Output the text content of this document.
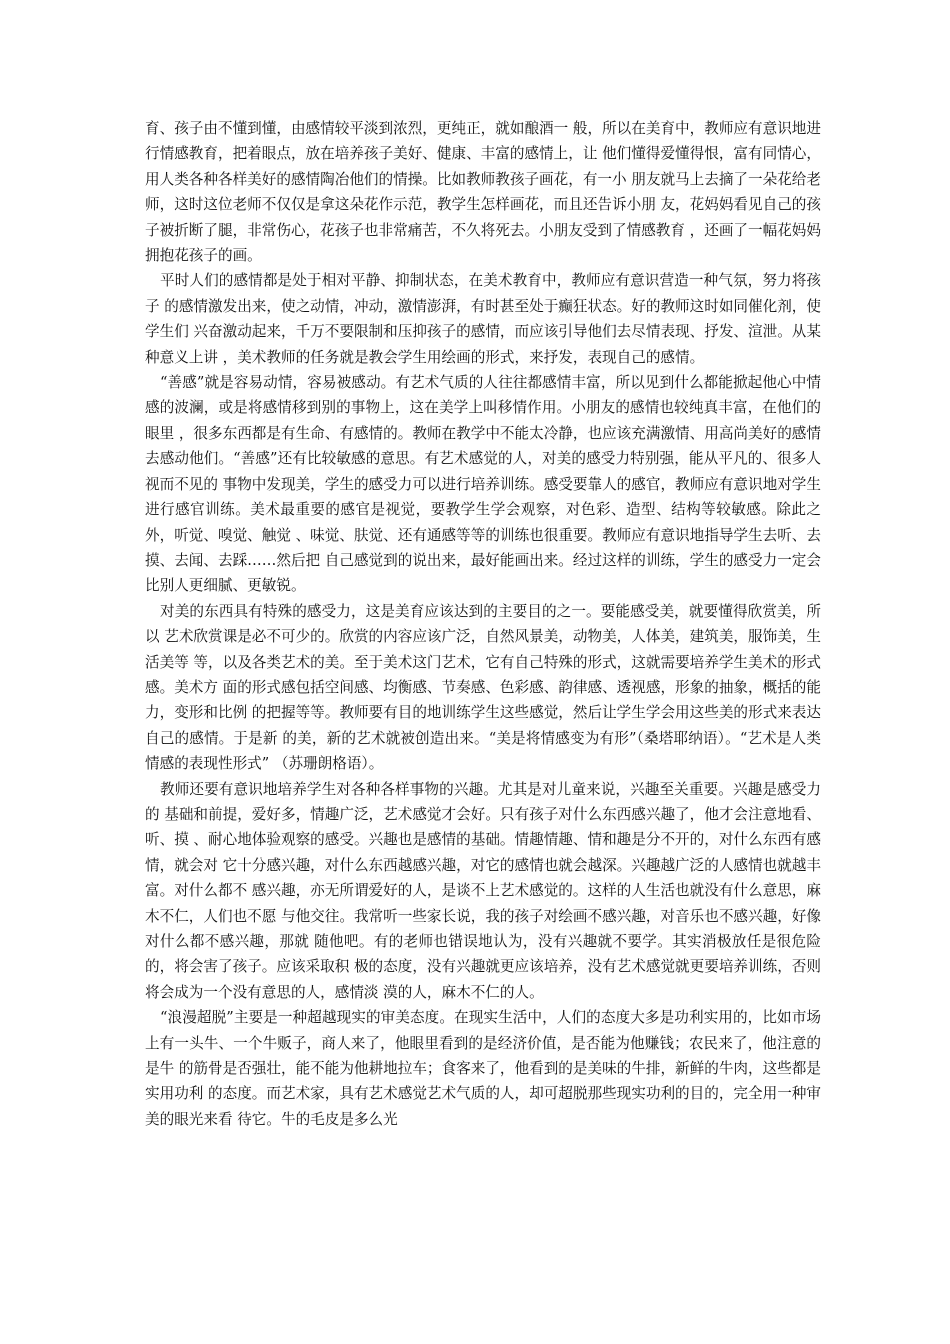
育、孩子由不懂到懂，由感情较平淡到浓烈，更纯正，就如酿酒一 般，所以在美育中，教师应有意识地进行情感教育，把着眼点，放在培养孩子美好、健康、丰富的感情上，让 他们懂得爱懂得恨，富有同情心，用人类各种各样美好的感情陶冶他们的情操。比如教师教孩子画花，有一小 朋友就马上去摘了一朵花给老师，这时这位老师不仅仅是拿这朵花作示范，教学生怎样画花，而且还告诉小朋 友，花妈妈看见自己的孩子被折断了腿，非常伤心，花孩子也非常痛苦，不久将死去。小朋友受到了情感教育 ，还画了一幅花妈妈拥抱花孩子的画。

平时人们的感情都是处于相对平静、抑制状态，在美术教育中，教师应有意识营造一种气氛，努力将孩子 的感情激发出来，使之动情，冲动，激情澎湃，有时甚至处于癫狂状态。好的教师这时如同催化剂，使学生们 兴奋激动起来，千万不要限制和压抑孩子的感情，而应该引导他们去尽情表现、抒发、渲泄。从某种意义上讲 ，美术教师的任务就是教会学生用绘画的形式，来抒发，表现自己的感情。

“善感”就是容易动情，容易被感动。有艺术气质的人往往都感情丰富，所以见到什么都能掀起他心中情 感的波澜，或是将感情移到别的事物上，这在美学上叫移情作用。小朋友的感情也较纯真丰富，在他们的眼里 ，很多东西都是有生命、有感情的。教师在教学中不能太冷静，也应该充满激情、用高尚美好的感情去感动他们。“善感”还有比较敏感的意思。有艺术感觉的人，对美的感受力特别强，能从平凡的、很多人视而不见的 事物中发现美，学生的感受力可以进行培养训练。感受要靠人的感官，教师应有意识地对学生进行感官训练。美术最重要的感官是视觉，要教学生学会观察，对色彩、造型、结构等较敏感。除此之外，听觉、嗅觉、触觉 、味觉、肤觉、还有通感等等的训练也很重要。教师应有意识地指导学生去听、去摸、去闻、去踩……然后把 自己感觉到的说出来，最好能画出来。经过这样的训练，学生的感受力一定会比别人更细腻、更敏锐。

对美的东西具有特殊的感受力，这是美育应该达到的主要目的之一。要能感受美，就要懂得欣赏美，所以 艺术欣赏课是必不可少的。欣赏的内容应该广泛，自然风景美，动物美，人体美，建筑美，服饰美，生活美等 等，以及各类艺术的美。至于美术这门艺术，它有自己特殊的形式，这就需要培养学生美术的形式感。美术方 面的形式感包括空间感、均衡感、节奏感、色彩感、韵律感、透视感，形象的抽象，概括的能力，变形和比例 的把握等等。教师要有目的地训练学生这些感觉，然后让学生学会用这些美的形式来表达自己的感情。于是新 的美，新的艺术就被创造出来。“美是将情感变为有形”（桑塔耶纳语）。“艺术是人类情感的表现性形式” （苏珊朗格语）。

教师还要有意识地培养学生对各种各样事物的兴趣。尤其是对儿童来说，兴趣至关重要。兴趣是感受力的 基础和前提，爱好多，情趣广泛，艺术感觉才会好。只有孩子对什么东西感兴趣了，他才会注意地看、听、摸 、耐心地体验观察的感受。兴趣也是感情的基础。情趣情趣、情和趣是分不开的，对什么东西有感情，就会对 它十分感兴趣，对什么东西越感兴趣，对它的感情也就会越深。兴趣越广泛的人感情也就越丰富。对什么都不 感兴趣，亦无所谓爱好的人，是谈不上艺术感觉的。这样的人生活也就没有什么意思，麻木不仁，人们也不愿 与他交往。我常听一些家长说，我的孩子对绘画不感兴趣，对音乐也不感兴趣，好像对什么都不感兴趣，那就 随他吧。有的老师也错误地认为，没有兴趣就不要学。其实消极放任是很危险的，将会害了孩子。应该采取积 极的态度，没有兴趣就更应该培养，没有艺术感觉就更要培养训练，否则将会成为一个没有意思的人，感情淡 漠的人，麻木不仁的人。

“浪漫超脱”主要是一种超越现实的审美态度。在现实生活中，人们的态度大多是功利实用的，比如市场 上有一头牛、一个牛贩子，商人来了，他眼里看到的是经济价值，是否能为他赚钱；农民来了，他注意的是牛 的筋骨是否强壮，能不能为他耕地拉车；食客来了，他看到的是美味的牛排，新鲜的牛肉，这些都是实用功利 的态度。而艺术家，具有艺术感觉艺术气质的人，却可超脱那些现实功利的目的，完全用一种审美的眼光来看 待它。牛的毛皮是多么光
